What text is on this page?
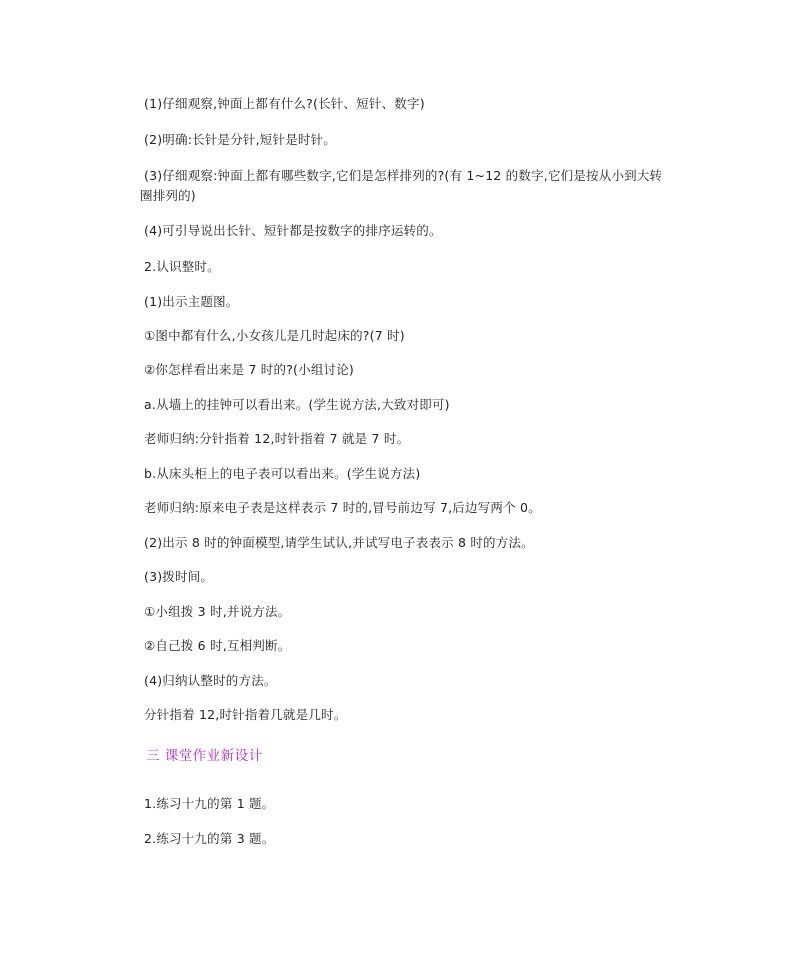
(1)仔细观察,钟面上都有什么?(长针、短针、数字)
(2)明确:长针是分针,短针是时针。
(3)仔细观察:钟面上都有哪些数字,它们是怎样排列的?(有 1~12 的数字,它们是按从小到大转
圈排列的)
(4)可引导说出长针、短针都是按数字的排序运转的。
2.认识整时。
(1)出示主题图。
①图中都有什么,小女孩儿是几时起床的?(7 时)
②你怎样看出来是 7 时的?(小组讨论)
a.从墙上的挂钟可以看出来。(学生说方法,大致对即可)
老师归纳:分针指着 12,时针指着 7 就是 7 时。
b.从床头柜上的电子表可以看出来。(学生说方法)
老师归纳:原来电子表是这样表示 7 时的,冒号前边写 7,后边写两个 0。
(2)出示 8 时的钟面模型,请学生试认,并试写电子表表示 8 时的方法。
(3)拨时间。
①小组拨 3 时,并说方法。
②自己拨 6 时,互相判断。
(4)归纳认整时的方法。
分针指着 12,时针指着几就是几时。
三 课堂作业新设计
1.练习十九的第 1 题。
2.练习十九的第 3 题。
